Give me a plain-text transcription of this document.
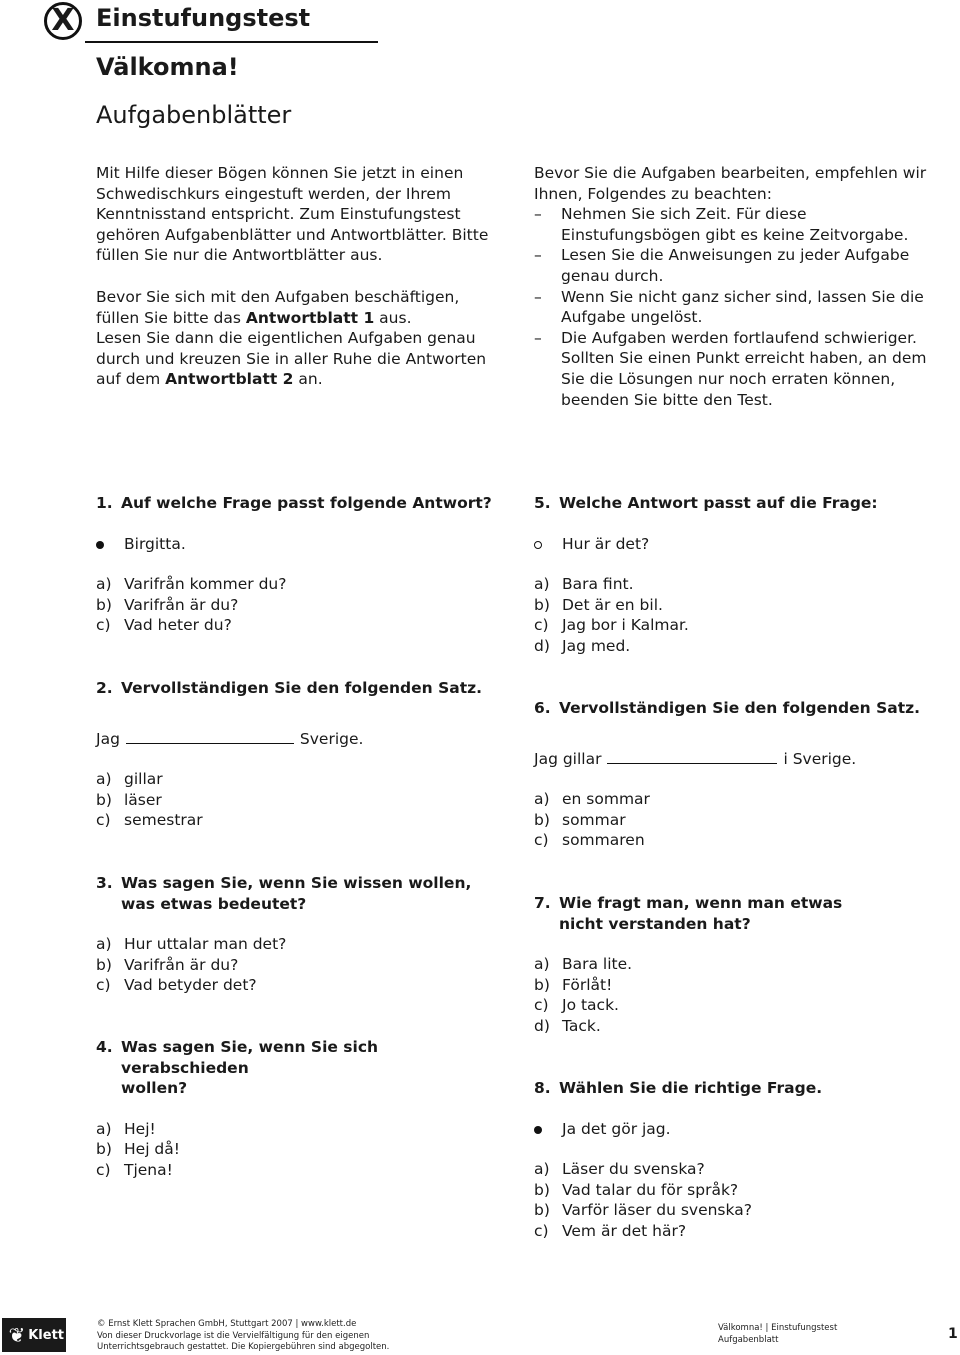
X Einstufungstest
Välkomna!
Aufgabenblätter
Mit Hilfe dieser Bögen können Sie jetzt in einen Schwedischkurs eingestuft werden, der Ihrem Kenntnisstand entspricht. Zum Einstufungstest gehören Aufgabenblätter und Antwortblätter. Bitte füllen Sie nur die Antwortblätter aus.
Bevor Sie sich mit den Aufgaben beschäftigen, füllen Sie bitte das Antwortblatt 1 aus.
Lesen Sie dann die eigentlichen Aufgaben genau durch und kreuzen Sie in aller Ruhe die Antworten auf dem Antwortblatt 2 an.
Bevor Sie die Aufgaben bearbeiten, empfehlen wir Ihnen, Folgendes zu beachten:
– Nehmen Sie sich Zeit. Für diese Einstufungsbögen gibt es keine Zeitvorgabe.
– Lesen Sie die Anweisungen zu jeder Aufgabe genau durch.
– Wenn Sie nicht ganz sicher sind, lassen Sie die Aufgabe ungelöst.
– Die Aufgaben werden fortlaufend schwieriger. Sollten Sie einen Punkt erreicht haben, an dem Sie die Lösungen nur noch erraten können, beenden Sie bitte den Test.
1. Auf welche Frage passt folgende Antwort?
Birgitta.
a) Varifrån kommer du?
b) Varifrån är du?
c) Vad heter du?
2. Vervollständigen Sie den folgenden Satz.
Jag	Sverige.
a) gillar
b) läser
c) semestrar
3. Was sagen Sie, wenn Sie wissen wollen,
was etwas bedeutet?
a) Hur uttalar man det?
b) Varifrån är du?
c) Vad betyder det?
4. Was sagen Sie, wenn Sie sich verabschieden
wollen?
a) Hej!
b) Hej då!
c) Tjena!
5. Welche Antwort passt auf die Frage:
Hur är det?
a) Bara fint.
b) Det är en bil.
c) Jag bor i Kalmar.
d) Jag med.
6. Vervollständigen Sie den folgenden Satz.
Jag gillar	i Sverige.
a) en sommar
b) sommar
c) sommaren
7. Wie fragt man, wenn man etwas
nicht verstanden hat?
a) Bara lite.
b) Förlåt!
c) Jo tack.
d) Tack.
8. Wählen Sie die richtige Frage.
Ja det gör jag.
a) Läser du svenska?
b) Vad talar du för språk?
b) Varför läser du svenska?
c) Vem är det här?
❦ Klett
© Ernst Klett Sprachen GmbH, Stuttgart 2007 | www.klett.de
Von dieser Druckvorlage ist die Vervielfältigung für den eigenen
Unterrichtsgebrauch gestattet. Die Kopiergebühren sind abgegolten.
Välkomna! | Einstufungstest
Aufgabenblatt	1
